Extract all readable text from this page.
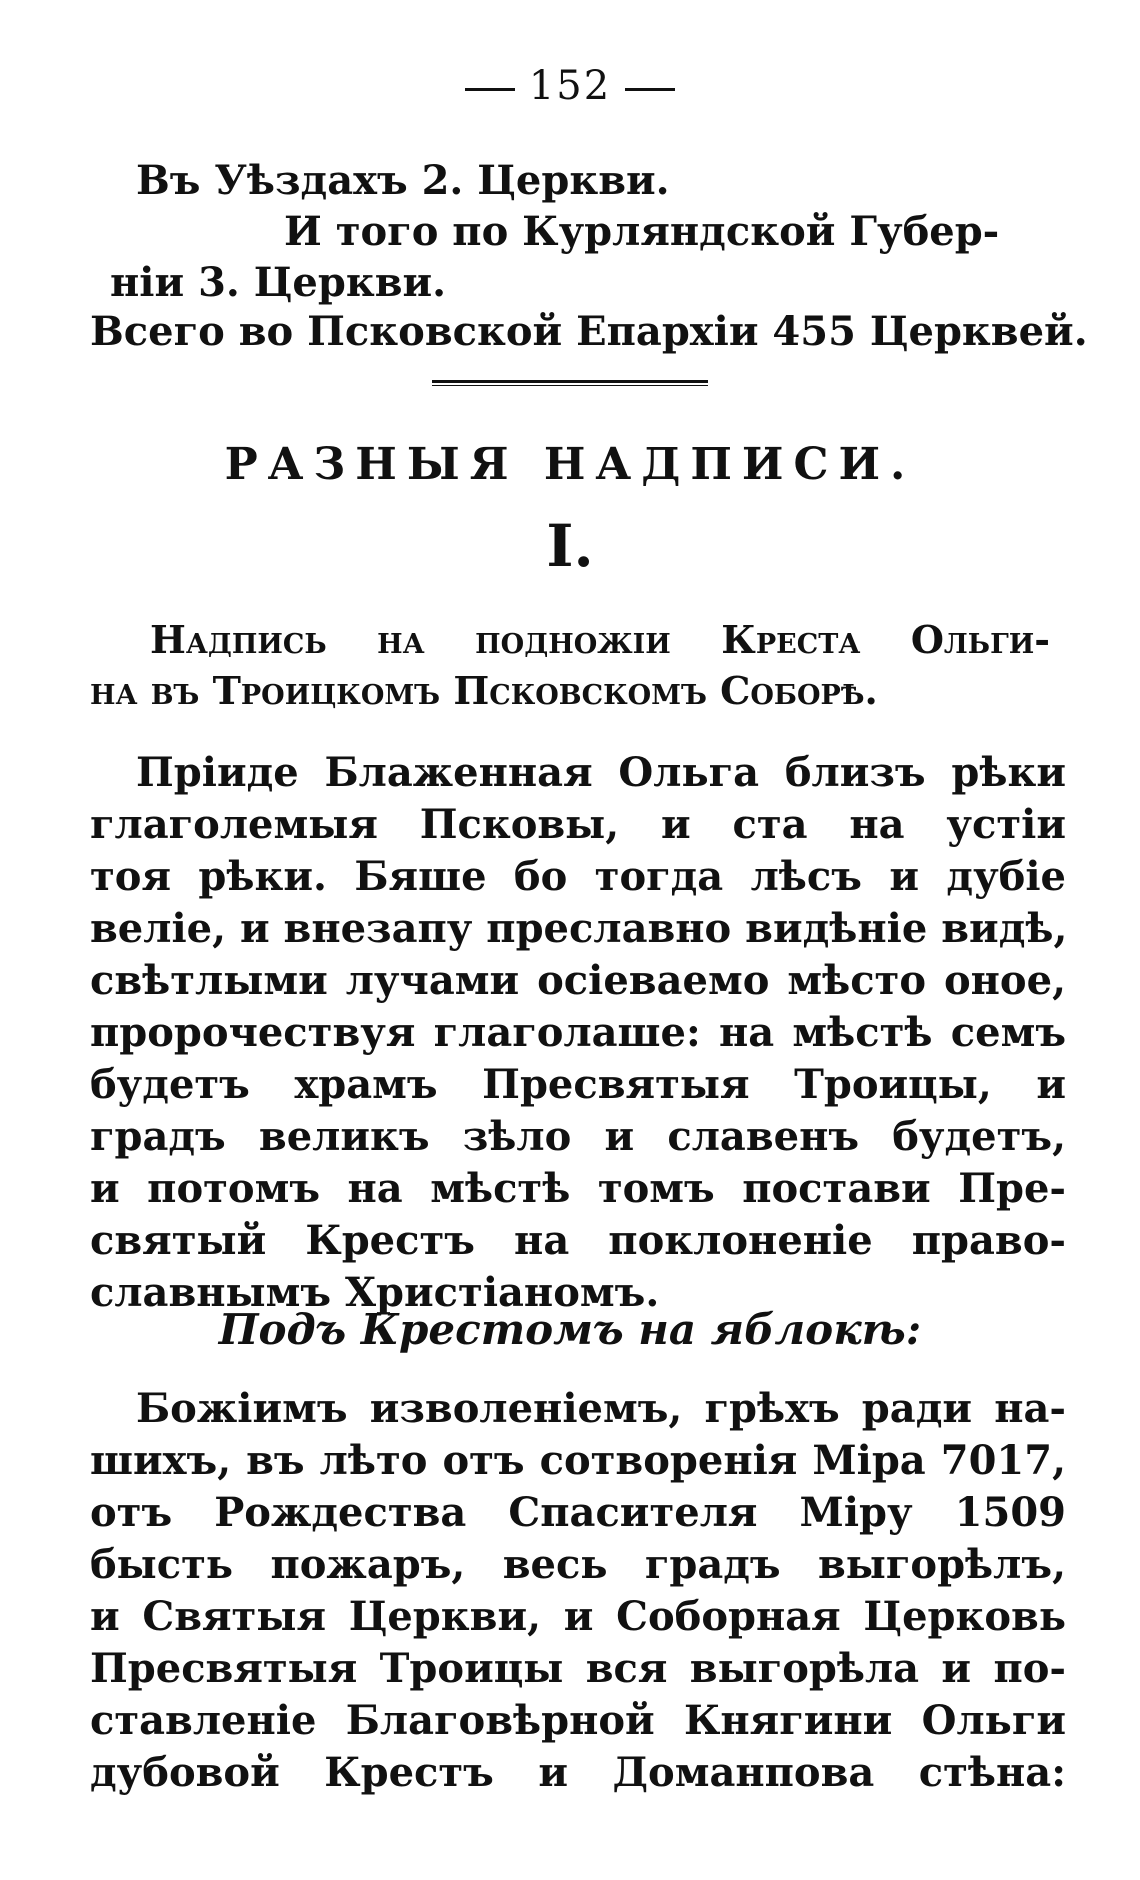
152
Въ Уѣздахъ 2. Церкви.
И того по Курляндской Губер-
ніи 3. Церкви.
Всего во Псковской Епархіи 455 Церквей.
РАЗНЫЯ НАДПИСИ.
I.
Надпись на подножіи Креста Ольги-
на въ Троицкомъ Псковскомъ Соборѣ.
Пріиде Блаженная Ольга близъ рѣки
глаголемыя Псковы, и ста на устіи
тоя рѣки. Бяше бо тогда лѣсъ и дубіе
веліе, и внезапу преславно видѣніе видѣ,
свѣтлыми лучами осіеваемо мѣсто оное,
пророчествуя глаголаше: на мѣстѣ семъ
будетъ храмъ Пресвятыя Троицы, и
градъ великъ зѣло и славенъ будетъ,
и потомъ на мѣстѣ томъ постави Пре-
святый Крестъ на поклоненіе право-
славнымъ Христіаномъ.
Подъ Крестомъ на яблокѣ:
Божіимъ изволеніемъ, грѣхъ ради на-
шихъ, въ лѣто отъ сотворенія Міра 7017,
отъ Рождества Спасителя Міру 1509
бысть пожаръ, весь градъ выгорѣлъ,
и Святыя Церкви, и Соборная Церковь
Пресвятыя Троицы вся выгорѣла и по-
ставленіе Благовѣрной Княгини Ольги
дубовой Крестъ и Доманпова стѣна:
